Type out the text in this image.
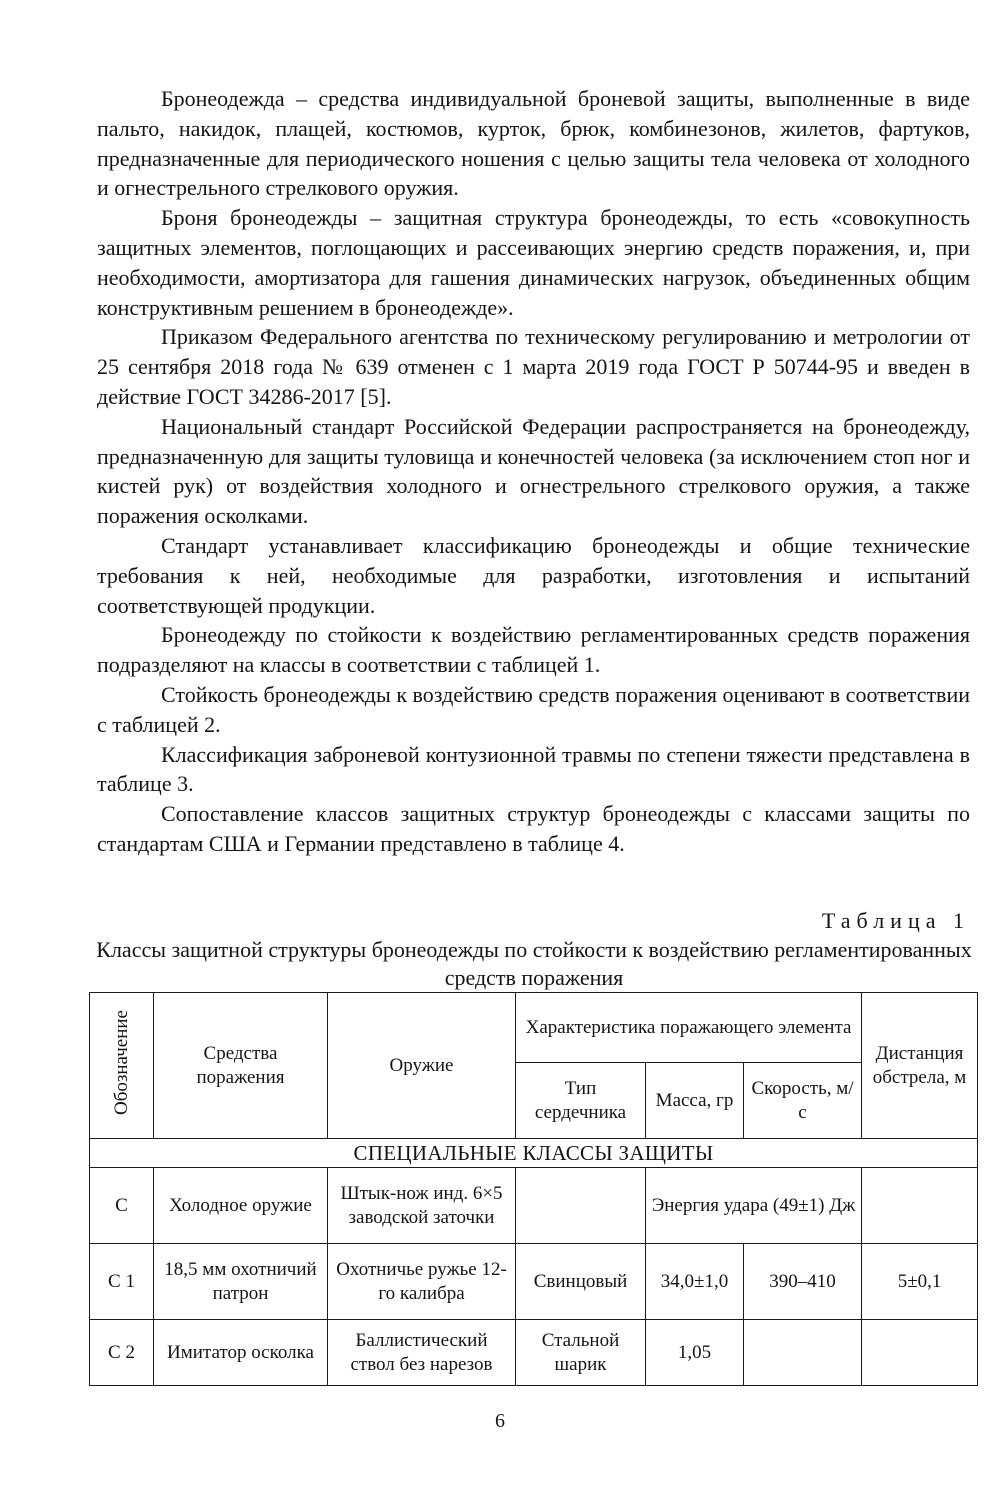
Бронеодежда – средства индивидуальной броневой защиты, выполненные в виде пальто, накидок, плащей, костюмов, курток, брюк, комбинезонов, жилетов, фартуков, предназначенные для периодического ношения с целью защиты тела человека от холодного и огнестрельного стрелкового оружия.

Броня бронеодежды – защитная структура бронеодежды, то есть «совокупность защитных элементов, поглощающих и рассеивающих энергию средств поражения, и, при необходимости, амортизатора для гашения динамических нагрузок, объединенных общим конструктивным решением в бронеодежде».

Приказом Федерального агентства по техническому регулированию и метрологии от 25 сентября 2018 года № 639 отменен с 1 марта 2019 года ГОСТ Р 50744-95 и введен в действие ГОСТ 34286-2017 [5].

Национальный стандарт Российской Федерации распространяется на бронеодежду, предназначенную для защиты туловища и конечностей человека (за исключением стоп ног и кистей рук) от воздействия холодного и огнестрельного стрелкового оружия, а также поражения осколками.

Стандарт устанавливает классификацию бронеодежды и общие технические требования к ней, необходимые для разработки, изготовления и испытаний соответствующей продукции.

Бронеодежду по стойкости к воздействию регламентированных средств поражения подразделяют на классы в соответствии с таблицей 1.

Стойкость бронеодежды к воздействию средств поражения оценивают в соответствии с таблицей 2.

Классификация заброневой контузионной травмы по степени тяжести представлена в таблице 3.

Сопоставление классов защитных структур бронеодежды с классами защиты по стандартам США и Германии представлено в таблице 4.

Таблица 1
Классы защитной структуры бронеодежды по стойкости к воздействию регламентированных средств поражения
Обозначение	Средства поражения	Оружие	Характеристика поражающего элемента			Дистанция обстрела, м
			Тип сердечника	Масса, гр	Скорость, м/с	
СПЕЦИАЛЬНЫЕ КЛАССЫ ЗАЩИТЫ						
С	Холодное оружие	Штык-нож инд. 6×5 заводской заточки		Энергия удара (49±1) Дж		
С 1	18,5 мм охотничий патрон	Охотничье ружье 12-го калибра	Свинцовый	34,0±1,0	390–410	5±0,1
С 2	Имитатор осколка	Баллистический ствол без нарезов	Стальной шарик	1,05		
6
